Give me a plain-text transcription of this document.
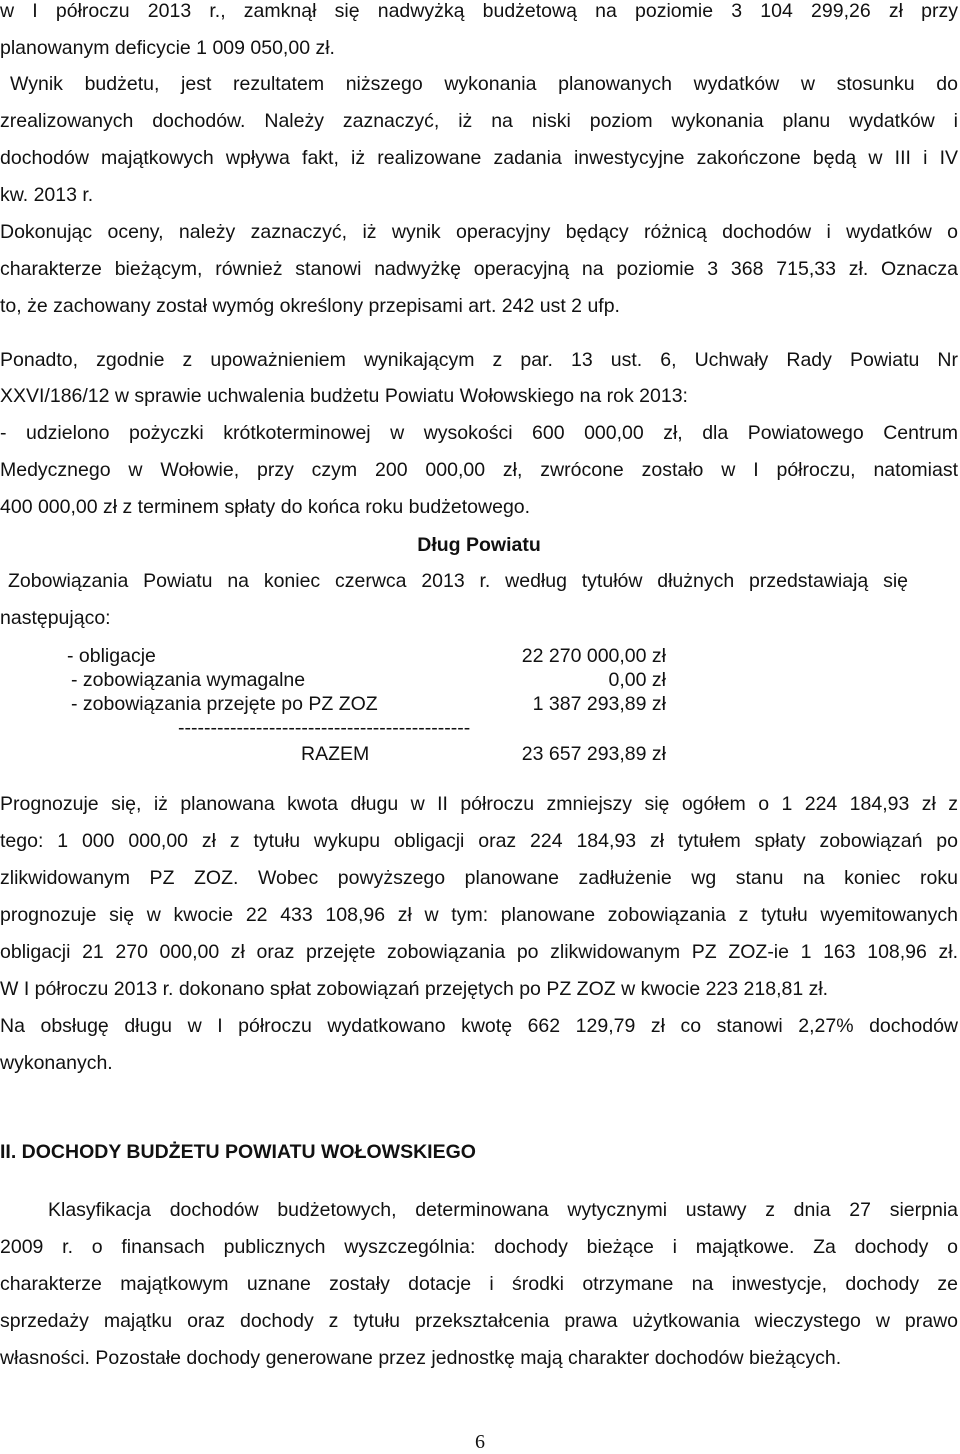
w I półroczu 2013 r., zamknął się nadwyżką budżetową na poziomie 3 104 299,26 zł przy
planowanym deficycie 1 009 050,00 zł.
Wynik budżetu, jest rezultatem niższego wykonania planowanych wydatków w stosunku do
zrealizowanych dochodów. Należy zaznaczyć, iż na niski poziom wykonania planu wydatków i
dochodów majątkowych wpływa fakt, iż realizowane zadania inwestycyjne zakończone będą w III i IV
kw. 2013 r.
Dokonując oceny, należy zaznaczyć, iż wynik operacyjny będący różnicą dochodów i wydatków o
charakterze bieżącym, również stanowi nadwyżkę operacyjną na poziomie 3 368 715,33 zł. Oznacza
to, że zachowany został wymóg określony przepisami art. 242 ust 2 ufp.
Ponadto, zgodnie z upoważnieniem wynikającym z par. 13 ust. 6, Uchwały Rady Powiatu Nr
XXVI/186/12 w sprawie uchwalenia budżetu Powiatu Wołowskiego na rok 2013:
- udzielono pożyczki krótkoterminowej w wysokości 600 000,00 zł, dla Powiatowego Centrum
Medycznego w Wołowie, przy czym 200 000,00 zł, zwrócone zostało w I półroczu, natomiast
400 000,00 zł z terminem spłaty do końca roku budżetowego.
Dług Powiatu
Zobowiązania Powiatu na koniec czerwca 2013 r. według tytułów dłużnych przedstawiają się
następująco:
- obligacje	22 270 000,00 zł
- zobowiązania wymagalne	0,00 zł
- zobowiązania przejęte po PZ ZOZ	1 387 293,89 zł
---------------------------------------------
RAZEM	23 657 293,89 zł
Prognozuje się, iż planowana kwota długu w II półroczu zmniejszy się ogółem o 1 224 184,93 zł z
tego: 1 000 000,00 zł z tytułu wykupu obligacji oraz 224 184,93 zł tytułem spłaty zobowiązań po
zlikwidowanym PZ ZOZ. Wobec powyższego planowane zadłużenie wg stanu na koniec roku
prognozuje się w kwocie 22 433 108,96 zł w tym: planowane zobowiązania z tytułu wyemitowanych
obligacji 21 270 000,00 zł oraz przejęte zobowiązania po zlikwidowanym PZ ZOZ-ie 1 163 108,96 zł.
W I półroczu 2013 r. dokonano spłat zobowiązań przejętych po PZ ZOZ w kwocie 223 218,81 zł.
Na obsługę długu w I półroczu wydatkowano kwotę 662 129,79 zł co stanowi 2,27% dochodów
wykonanych.
II. DOCHODY BUDŻETU POWIATU WOŁOWSKIEGO
Klasyfikacja dochodów budżetowych, determinowana wytycznymi ustawy z dnia 27 sierpnia
2009 r. o finansach publicznych wyszczególnia: dochody bieżące i majątkowe. Za dochody o
charakterze majątkowym uznane zostały dotacje i środki otrzymane na inwestycje, dochody ze
sprzedaży majątku oraz dochody z tytułu przekształcenia prawa użytkowania wieczystego w prawo
własności. Pozostałe dochody generowane przez jednostkę mają charakter dochodów bieżących.
6
